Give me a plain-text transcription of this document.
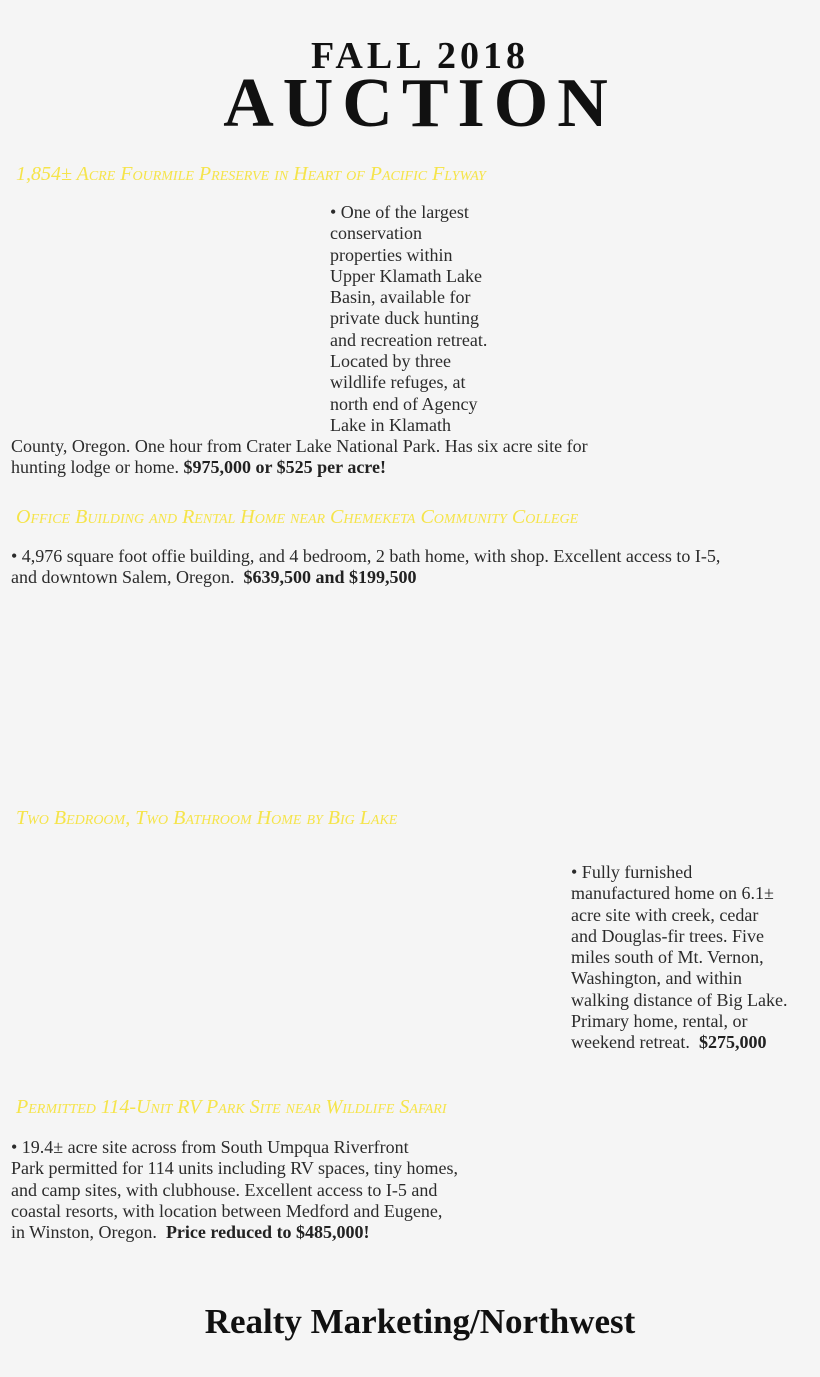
FALL 2018
AUCTION
1,854± Acre Fourmile Preserve in Heart of Pacific Flyway
• One of the largest
conservation
properties within
Upper Klamath Lake
Basin, available for
private duck hunting
and recreation retreat.
Located by three
wildlife refuges, at
north end of Agency
Lake in Klamath
County, Oregon. One hour from Crater Lake National Park. Has six acre site for
hunting lodge or home. $975,000 or $525 per acre!
Office Building and Rental Home near Chemeketa Community College
• 4,976 square foot offie building, and 4 bedroom, 2 bath home, with shop. Excellent access to I-5,
and downtown Salem, Oregon. $639,500 and $199,500
Two Bedroom, Two Bathroom Home by Big Lake
• Fully furnished
manufactured home on 6.1±
acre site with creek, cedar
and Douglas-fir trees. Five
miles south of Mt. Vernon,
Washington, and within
walking distance of Big Lake.
Primary home, rental, or
weekend retreat. $275,000
Permitted 114-Unit RV Park Site near Wildlife Safari
• 19.4± acre site across from South Umpqua Riverfront
Park permitted for 114 units including RV spaces, tiny homes,
and camp sites, with clubhouse. Excellent access to I-5 and
coastal resorts, with location between Medford and Eugene,
in Winston, Oregon. Price reduced to $485,000!
Realty Marketing/Northwest
